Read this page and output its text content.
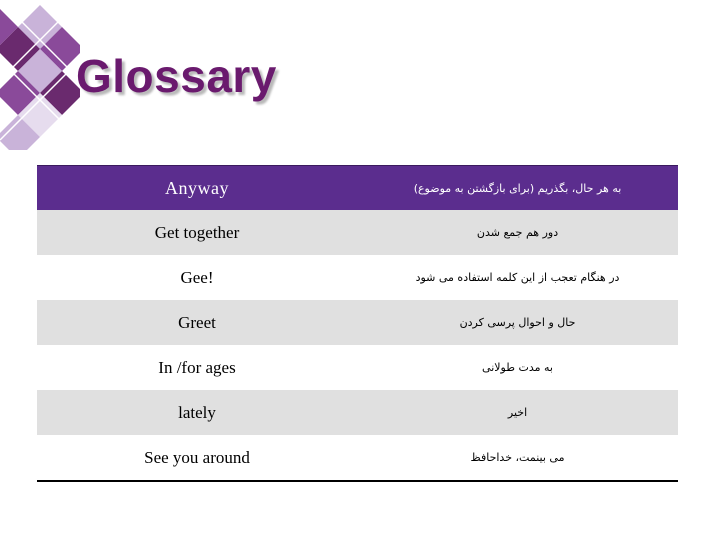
Glossary
Anyway	به هر حال، بگذریم (برای بازگشتن به موضوع)
Get together	دور هم جمع شدن
Gee!	در هنگام تعجب از این کلمه استفاده می شود
Greet	حال و احوال پرسی کردن
In /for ages	به مدت طولانی
lately	اخیر
See you around	می بینمت، خداحافظ
